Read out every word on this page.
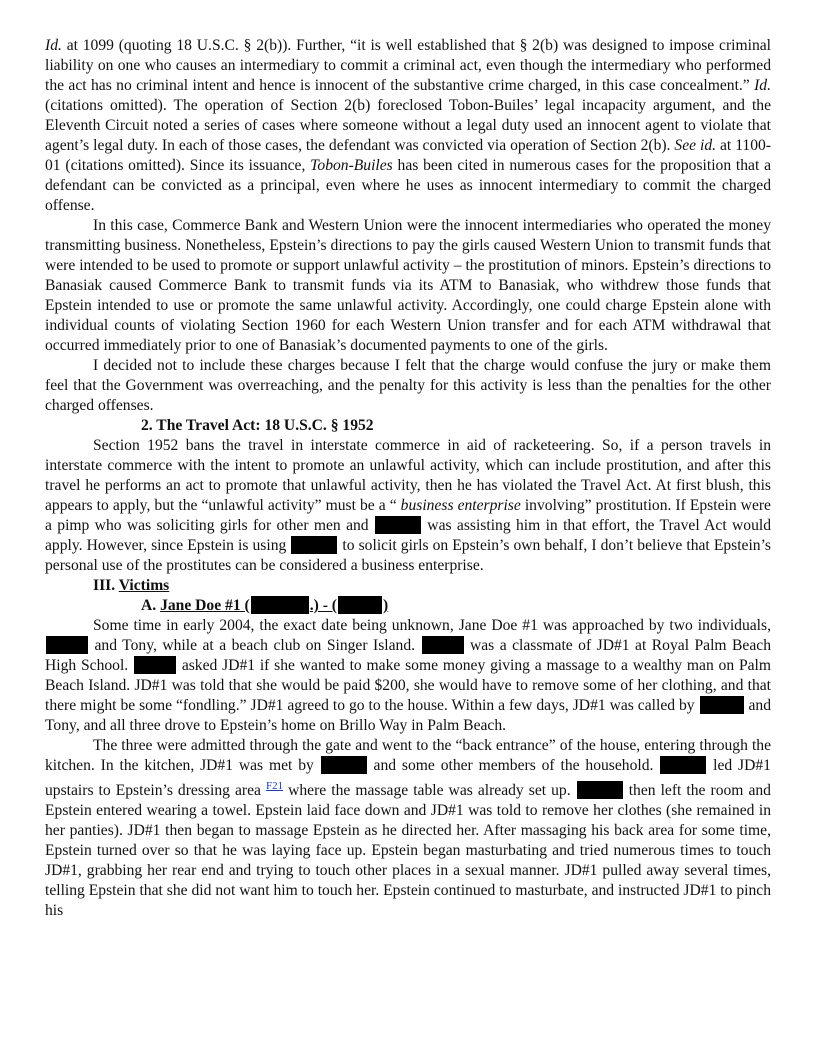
Id. at 1099 (quoting 18 U.S.C. § 2(b)). Further, “it is well established that § 2(b) was designed to impose criminal liability on one who causes an intermediary to commit a criminal act, even though the intermediary who performed the act has no criminal intent and hence is innocent of the substantive crime charged, in this case concealment.” Id. (citations omitted). The operation of Section 2(b) foreclosed Tobon-Builes’ legal incapacity argument, and the Eleventh Circuit noted a series of cases where someone without a legal duty used an innocent agent to violate that agent’s legal duty. In each of those cases, the defendant was convicted via operation of Section 2(b). See id. at 1100-01 (citations omitted). Since its issuance, Tobon-Builes has been cited in numerous cases for the proposition that a defendant can be convicted as a principal, even where he uses as innocent intermediary to commit the charged offense.

In this case, Commerce Bank and Western Union were the innocent intermediaries who operated the money transmitting business. Nonetheless, Epstein’s directions to pay the girls caused Western Union to transmit funds that were intended to be used to promote or support unlawful activity – the prostitution of minors. Epstein’s directions to Banasiak caused Commerce Bank to transmit funds via its ATM to Banasiak, who withdrew those funds that Epstein intended to use or promote the same unlawful activity. Accordingly, one could charge Epstein alone with individual counts of violating Section 1960 for each Western Union transfer and for each ATM withdrawal that occurred immediately prior to one of Banasiak’s documented payments to one of the girls.

I decided not to include these charges because I felt that the charge would confuse the jury or make them feel that the Government was overreaching, and the penalty for this activity is less than the penalties for the other charged offenses.

2. The Travel Act: 18 U.S.C. § 1952

Section 1952 bans the travel in interstate commerce in aid of racketeering. So, if a person travels in interstate commerce with the intent to promote an unlawful activity, which can include prostitution, and after this travel he performs an act to promote that unlawful activity, then he has violated the Travel Act. At first blush, this appears to apply, but the “unlawful activity” must be a “ business enterprise involving” prostitution. If Epstein were a pimp who was soliciting girls for other men and	was assisting him in that effort, the Travel Act would apply. However, since Epstein is using	to solicit girls on Epstein’s own behalf, I don’t believe that Epstein’s personal use of the prostitutes can be considered a business enterprise.

III. Victims

A. Jane Doe #1 (	.) - (	)

Some time in early 2004, the exact date being unknown, Jane Doe #1 was approached by two individuals,  and Tony, while at a beach club on Singer Island.	was a classmate of JD#1 at Royal Palm Beach High School.	asked JD#1 if she wanted to make some money giving a massage to a wealthy man on Palm Beach Island. JD#1 was told that she would be paid $200, she would have to remove some of her clothing, and that there might be some “fondling.” JD#1 agreed to go to the house. Within a few days, JD#1 was called by	and Tony, and all three drove to Epstein’s home on Brillo Way in Palm Beach.

The three were admitted through the gate and went to the “back entrance” of the house, entering through the kitchen. In the kitchen, JD#1 was met by	and some other members of the household.	led JD#1 upstairs to Epstein’s dressing area $^{F21}$ where the massage table was already set up.	then left the room and Epstein entered wearing a towel. Epstein laid face down and JD#1 was told to remove her clothes (she remained in her panties). JD#1 then began to massage Epstein as he directed her. After massaging his back area for some time, Epstein turned over so that he was laying face up. Epstein began masturbating and tried numerous times to touch JD#1, grabbing her rear end and trying to touch other places in a sexual manner. JD#1 pulled away several times, telling Epstein that she did not want him to touch her. Epstein continued to masturbate, and instructed JD#1 to pinch his
